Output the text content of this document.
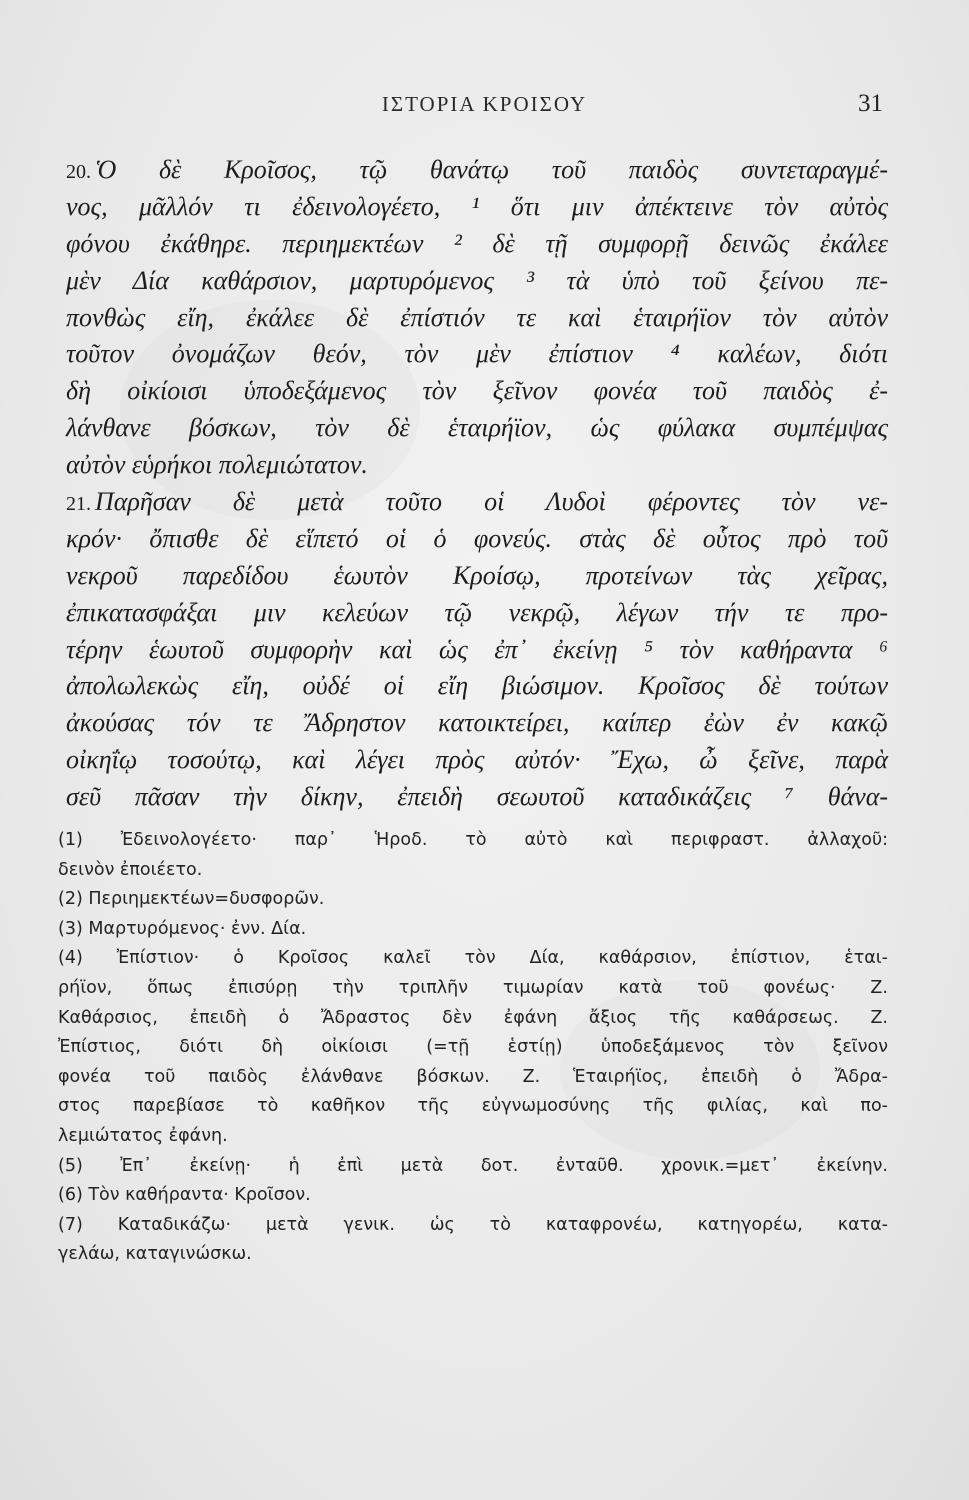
ΙΣΤΟΡΙΑ ΚΡΟΙΣΟΥ	31
20. Ὁ δὲ Κροῖσος, τῷ θανάτῳ τοῦ παιδὸς συντεταραγμέ-
νος, μᾶλλόν τι ἐδεινολογέετο, ¹ ὅτι μιν ἀπέκτεινε τὸν αὐτὸς
φόνου ἐκάθηρε. περιημεκτέων ² δὲ τῇ συμφορῇ δεινῶς ἐκάλεε
μὲν Δία καθάρσιον, μαρτυρόμενος ³ τὰ ὑπὸ τοῦ ξείνου πε-
πονθὼς εἴη, ἐκάλεε δὲ ἐπίστιόν τε καὶ ἑταιρήϊον τὸν αὐτὸν
τοῦτον ὀνομάζων θεόν, τὸν μὲν ἐπίστιον ⁴ καλέων, διότι
δὴ οἰκίοισι ὑποδεξάμενος τὸν ξεῖνον φονέα τοῦ παιδὸς ἐ-
λάνθανε βόσκων, τὸν δὲ ἑταιρήϊον, ὡς φύλακα συμπέμψας
αὐτὸν εὑρήκοι πολεμιώτατον.
21. Παρῆσαν δὲ μετὰ τοῦτο οἱ Λυδοὶ φέροντες τὸν νε-
κρόν· ὄπισθε δὲ εἵπετό οἱ ὁ φονεύς. στὰς δὲ οὗτος πρὸ τοῦ
νεκροῦ παρεδίδου ἑωυτὸν Κροίσῳ, προτείνων τὰς χεῖρας,
ἐπικατασφάξαι μιν κελεύων τῷ νεκρῷ, λέγων τήν τε προ-
τέρην ἑωυτοῦ συμφορὴν καὶ ὡς ἐπ᾽ ἐκείνῃ ⁵ τὸν καθήραντα ⁶
ἀπολωλεκὼς εἴη, οὐδέ οἱ εἴη βιώσιμον. Κροῖσος δὲ τούτων
ἀκούσας τόν τε Ἄδρηστον κατοικτείρει, καίπερ ἐὼν ἐν κακῷ
οἰκηΐῳ τοσούτῳ, καὶ λέγει πρὸς αὐτόν· Ἔχω, ὦ ξεῖνε, παρὰ
σεῦ πᾶσαν τὴν δίκην, ἐπειδὴ σεωυτοῦ καταδικάζεις ⁷ θάνα-
(1) Ἐδεινολογέετο· παρ᾽ Ἡροδ. τὸ αὐτὸ καὶ περιφραστ. ἀλλαχοῦ:
δεινὸν ἐποιέετο.
(2) Περιημεκτέων=δυσφορῶν.
(3) Μαρτυρόμενος· ἐνν. Δία.
(4) Ἐπίστιον· ὁ Κροῖσος καλεῖ τὸν Δία, καθάρσιον, ἐπίστιον, ἑται-
ρήϊον, ὅπως ἐπισύρῃ τὴν τριπλῆν τιμωρίαν κατὰ τοῦ φονέως· Ζ.
Καθάρσιος, ἐπειδὴ ὁ Ἄδραστος δὲν ἐφάνη ἄξιος τῆς καθάρσεως. Ζ.
Ἐπίστιος, διότι δὴ οἰκίοισι (=τῇ ἑστίῃ) ὑποδεξάμενος τὸν ξεῖνον
φονέα τοῦ παιδὸς ἐλάνθανε βόσκων. Ζ. Ἑταιρήϊος, ἐπειδὴ ὁ Ἄδρα-
στος παρεβίασε τὸ καθῆκον τῆς εὐγνωμοσύνης τῆς φιλίας, καὶ πο-
λεμιώτατος ἐφάνη.
(5) Ἐπ᾽ ἐκείνῃ· ἡ ἐπὶ μετὰ δοτ. ἐνταῦθ. χρονικ.=μετ᾽ ἐκείνην.
(6) Τὸν καθήραντα· Κροῖσον.
(7) Καταδικάζω· μετὰ γενικ. ὡς τὸ καταφρονέω, κατηγορέω, κατα-
γελάω, καταγινώσκω.
